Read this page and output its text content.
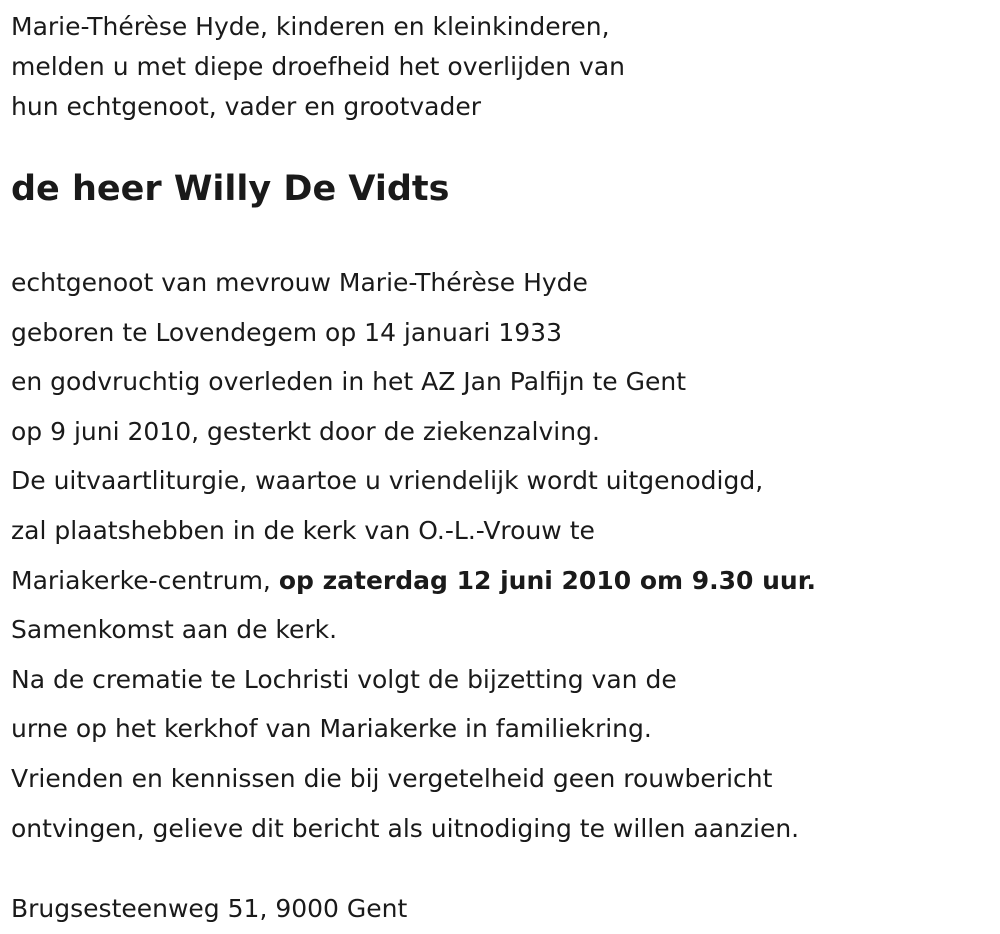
Marie-Thérèse Hyde, kinderen en kleinkinderen,
melden u met diepe droefheid het overlijden van
hun echtgenoot, vader en grootvader
de heer Willy De Vidts
echtgenoot van mevrouw Marie-Thérèse Hyde
geboren te Lovendegem op 14 januari 1933
en godvruchtig overleden in het AZ Jan Palfijn te Gent
op 9 juni 2010, gesterkt door de ziekenzalving.
De uitvaartliturgie, waartoe u vriendelijk wordt uitgenodigd,
zal plaatshebben in de kerk van O.-L.-Vrouw te
Mariakerke-centrum, op zaterdag 12 juni 2010 om 9.30 uur.
Samenkomst aan de kerk.
Na de crematie te Lochristi volgt de bijzetting van de
urne op het kerkhof van Mariakerke in familiekring.
Vrienden en kennissen die bij vergetelheid geen rouwbericht
ontvingen, gelieve dit bericht als uitnodiging te willen aanzien.
Brugsesteenweg 51, 9000 Gent
